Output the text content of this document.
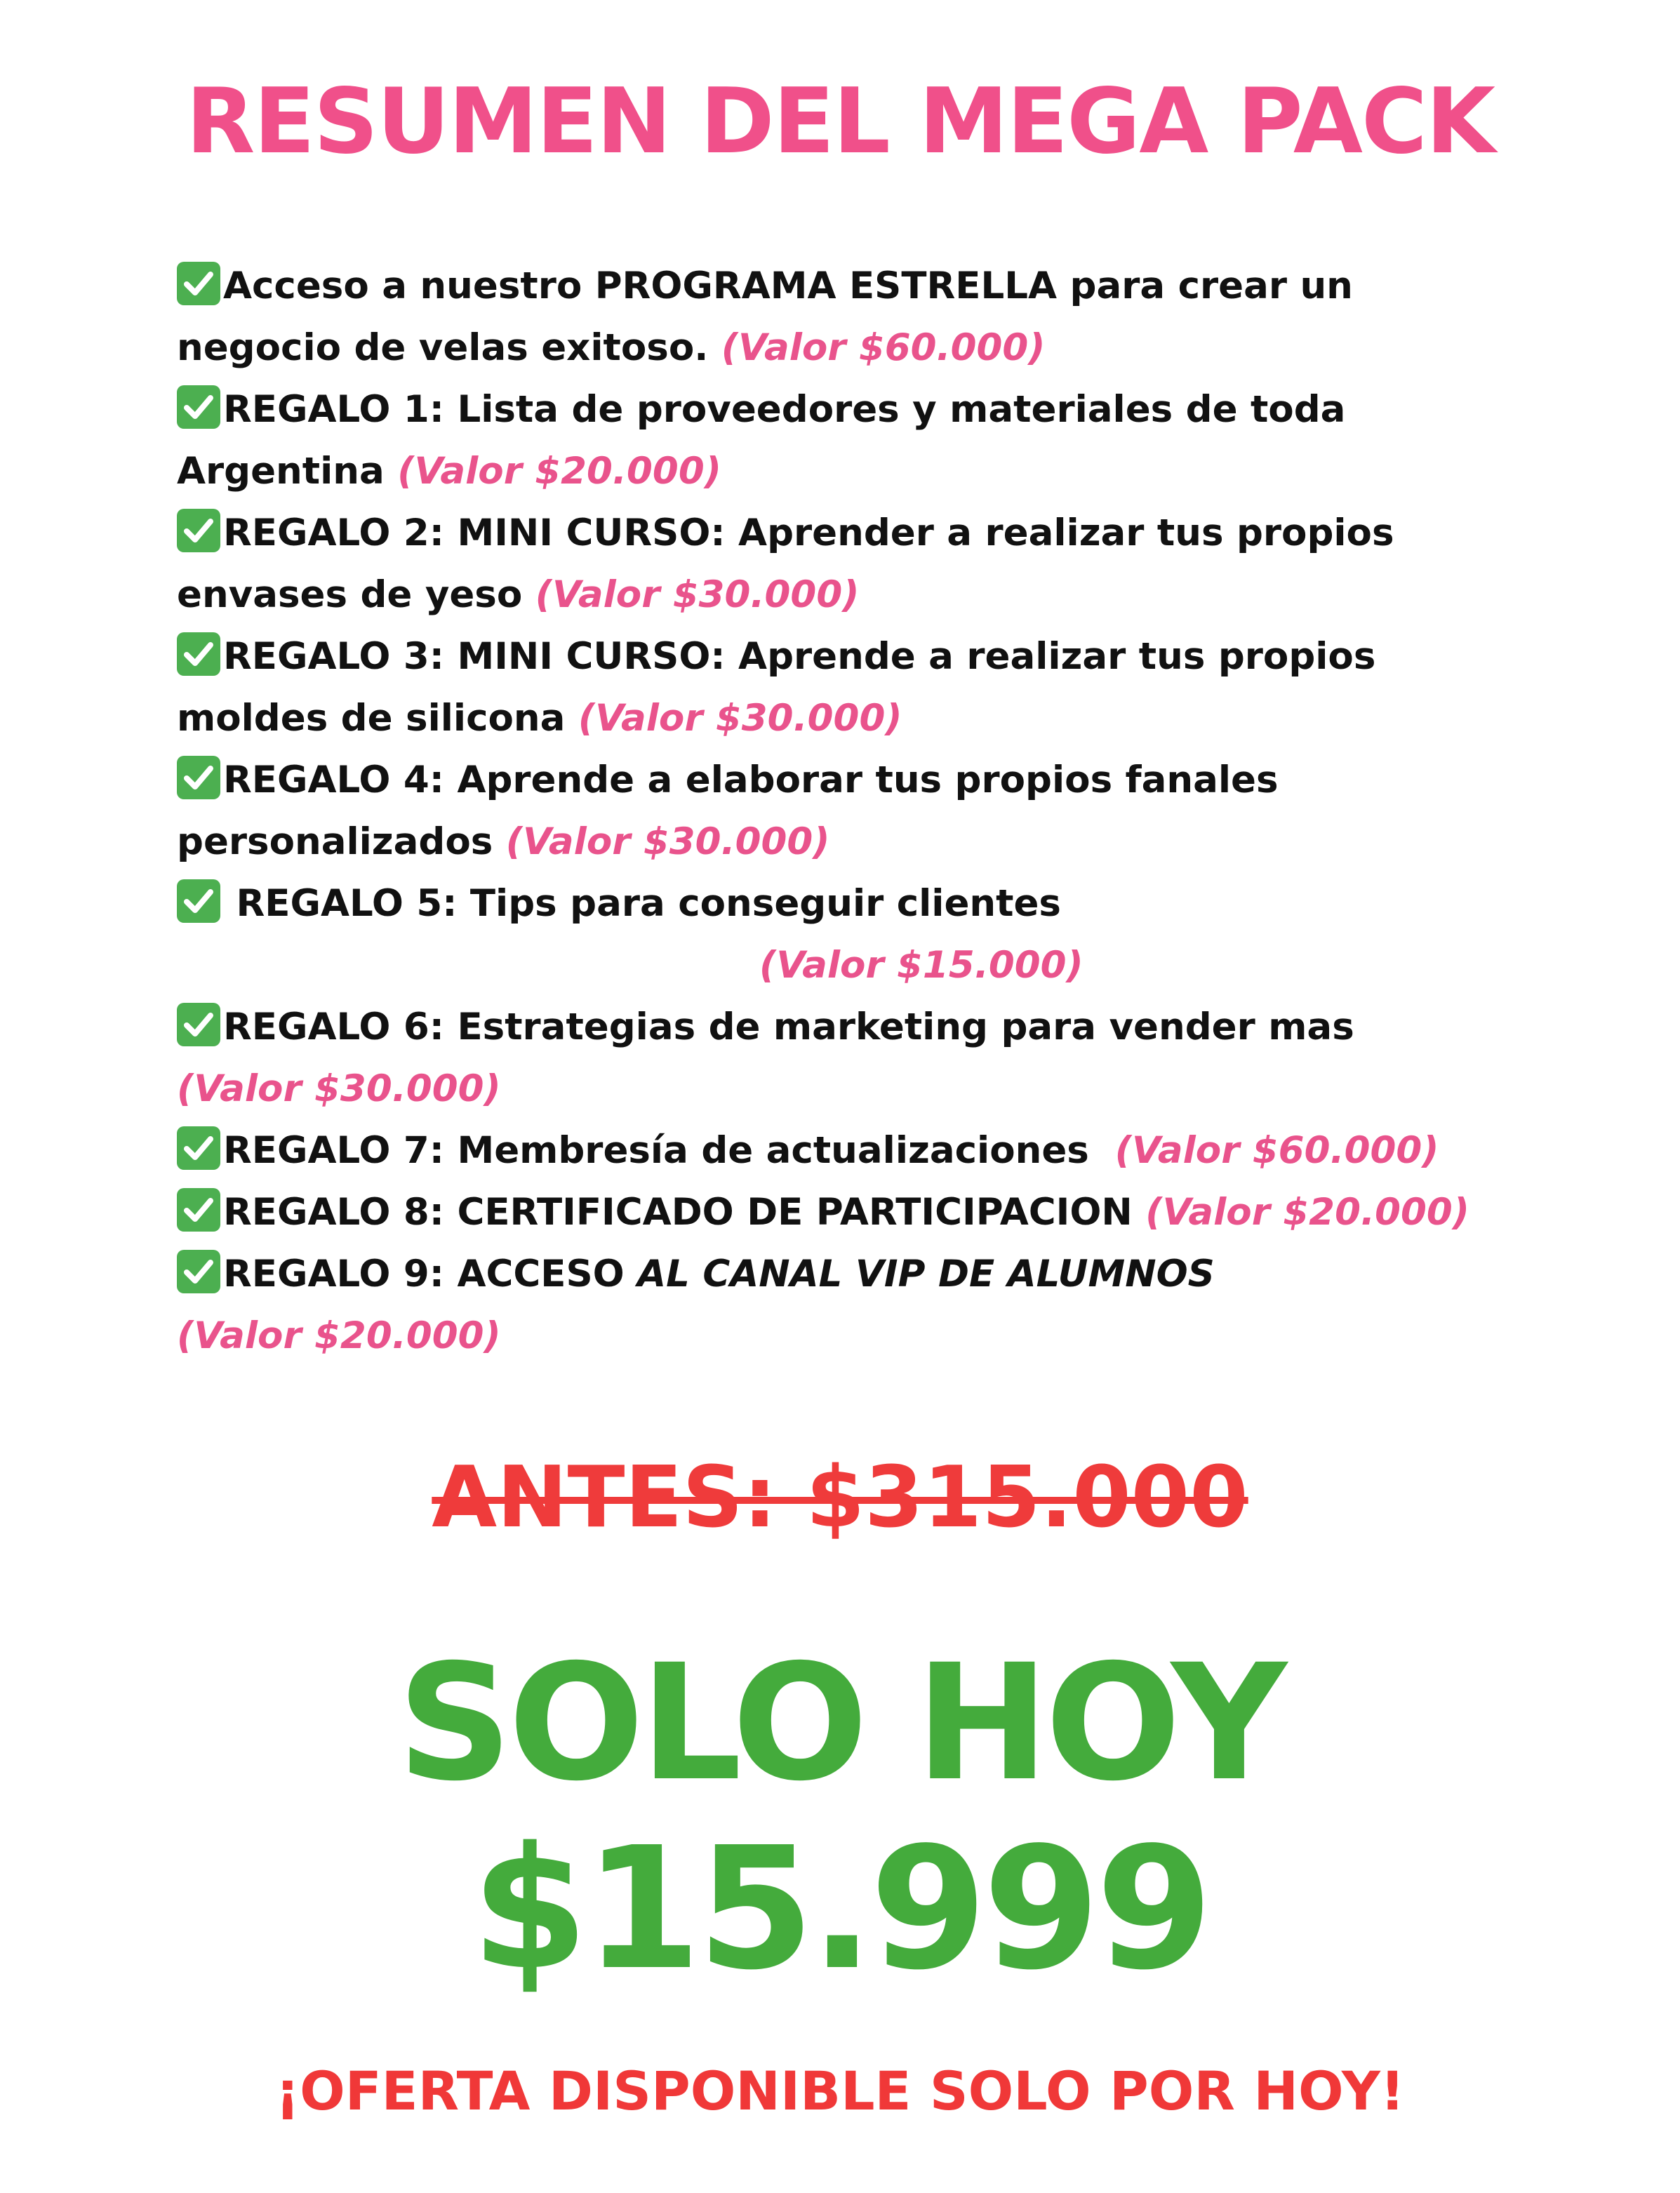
RESUMEN DEL MEGA PACK
Acceso a nuestro PROGRAMA ESTRELLA para crear un
negocio de velas exitoso. (Valor $60.000)
REGALO 1: Lista de proveedores y materiales de toda
Argentina (Valor $20.000)
REGALO 2: MINI CURSO: Aprender a realizar tus propios
envases de yeso (Valor $30.000)
REGALO 3: MINI CURSO: Aprende a realizar tus propios
moldes de silicona (Valor $30.000)
REGALO 4: Aprende a elaborar tus propios fanales
personalizados (Valor $30.000)
REGALO 5: Tips para conseguir clientes
(Valor $15.000)
REGALO 6: Estrategias de marketing para vender mas
(Valor $30.000)
REGALO 7: Membresía de actualizaciones (Valor $60.000)
REGALO 8: CERTIFICADO DE PARTICIPACION (Valor $20.000)
REGALO 9: ACCESO AL CANAL VIP DE ALUMNOS
(Valor $20.000)
ANTES: $315.000
SOLO HOY
$15.999
¡OFERTA DISPONIBLE SOLO POR HOY!
